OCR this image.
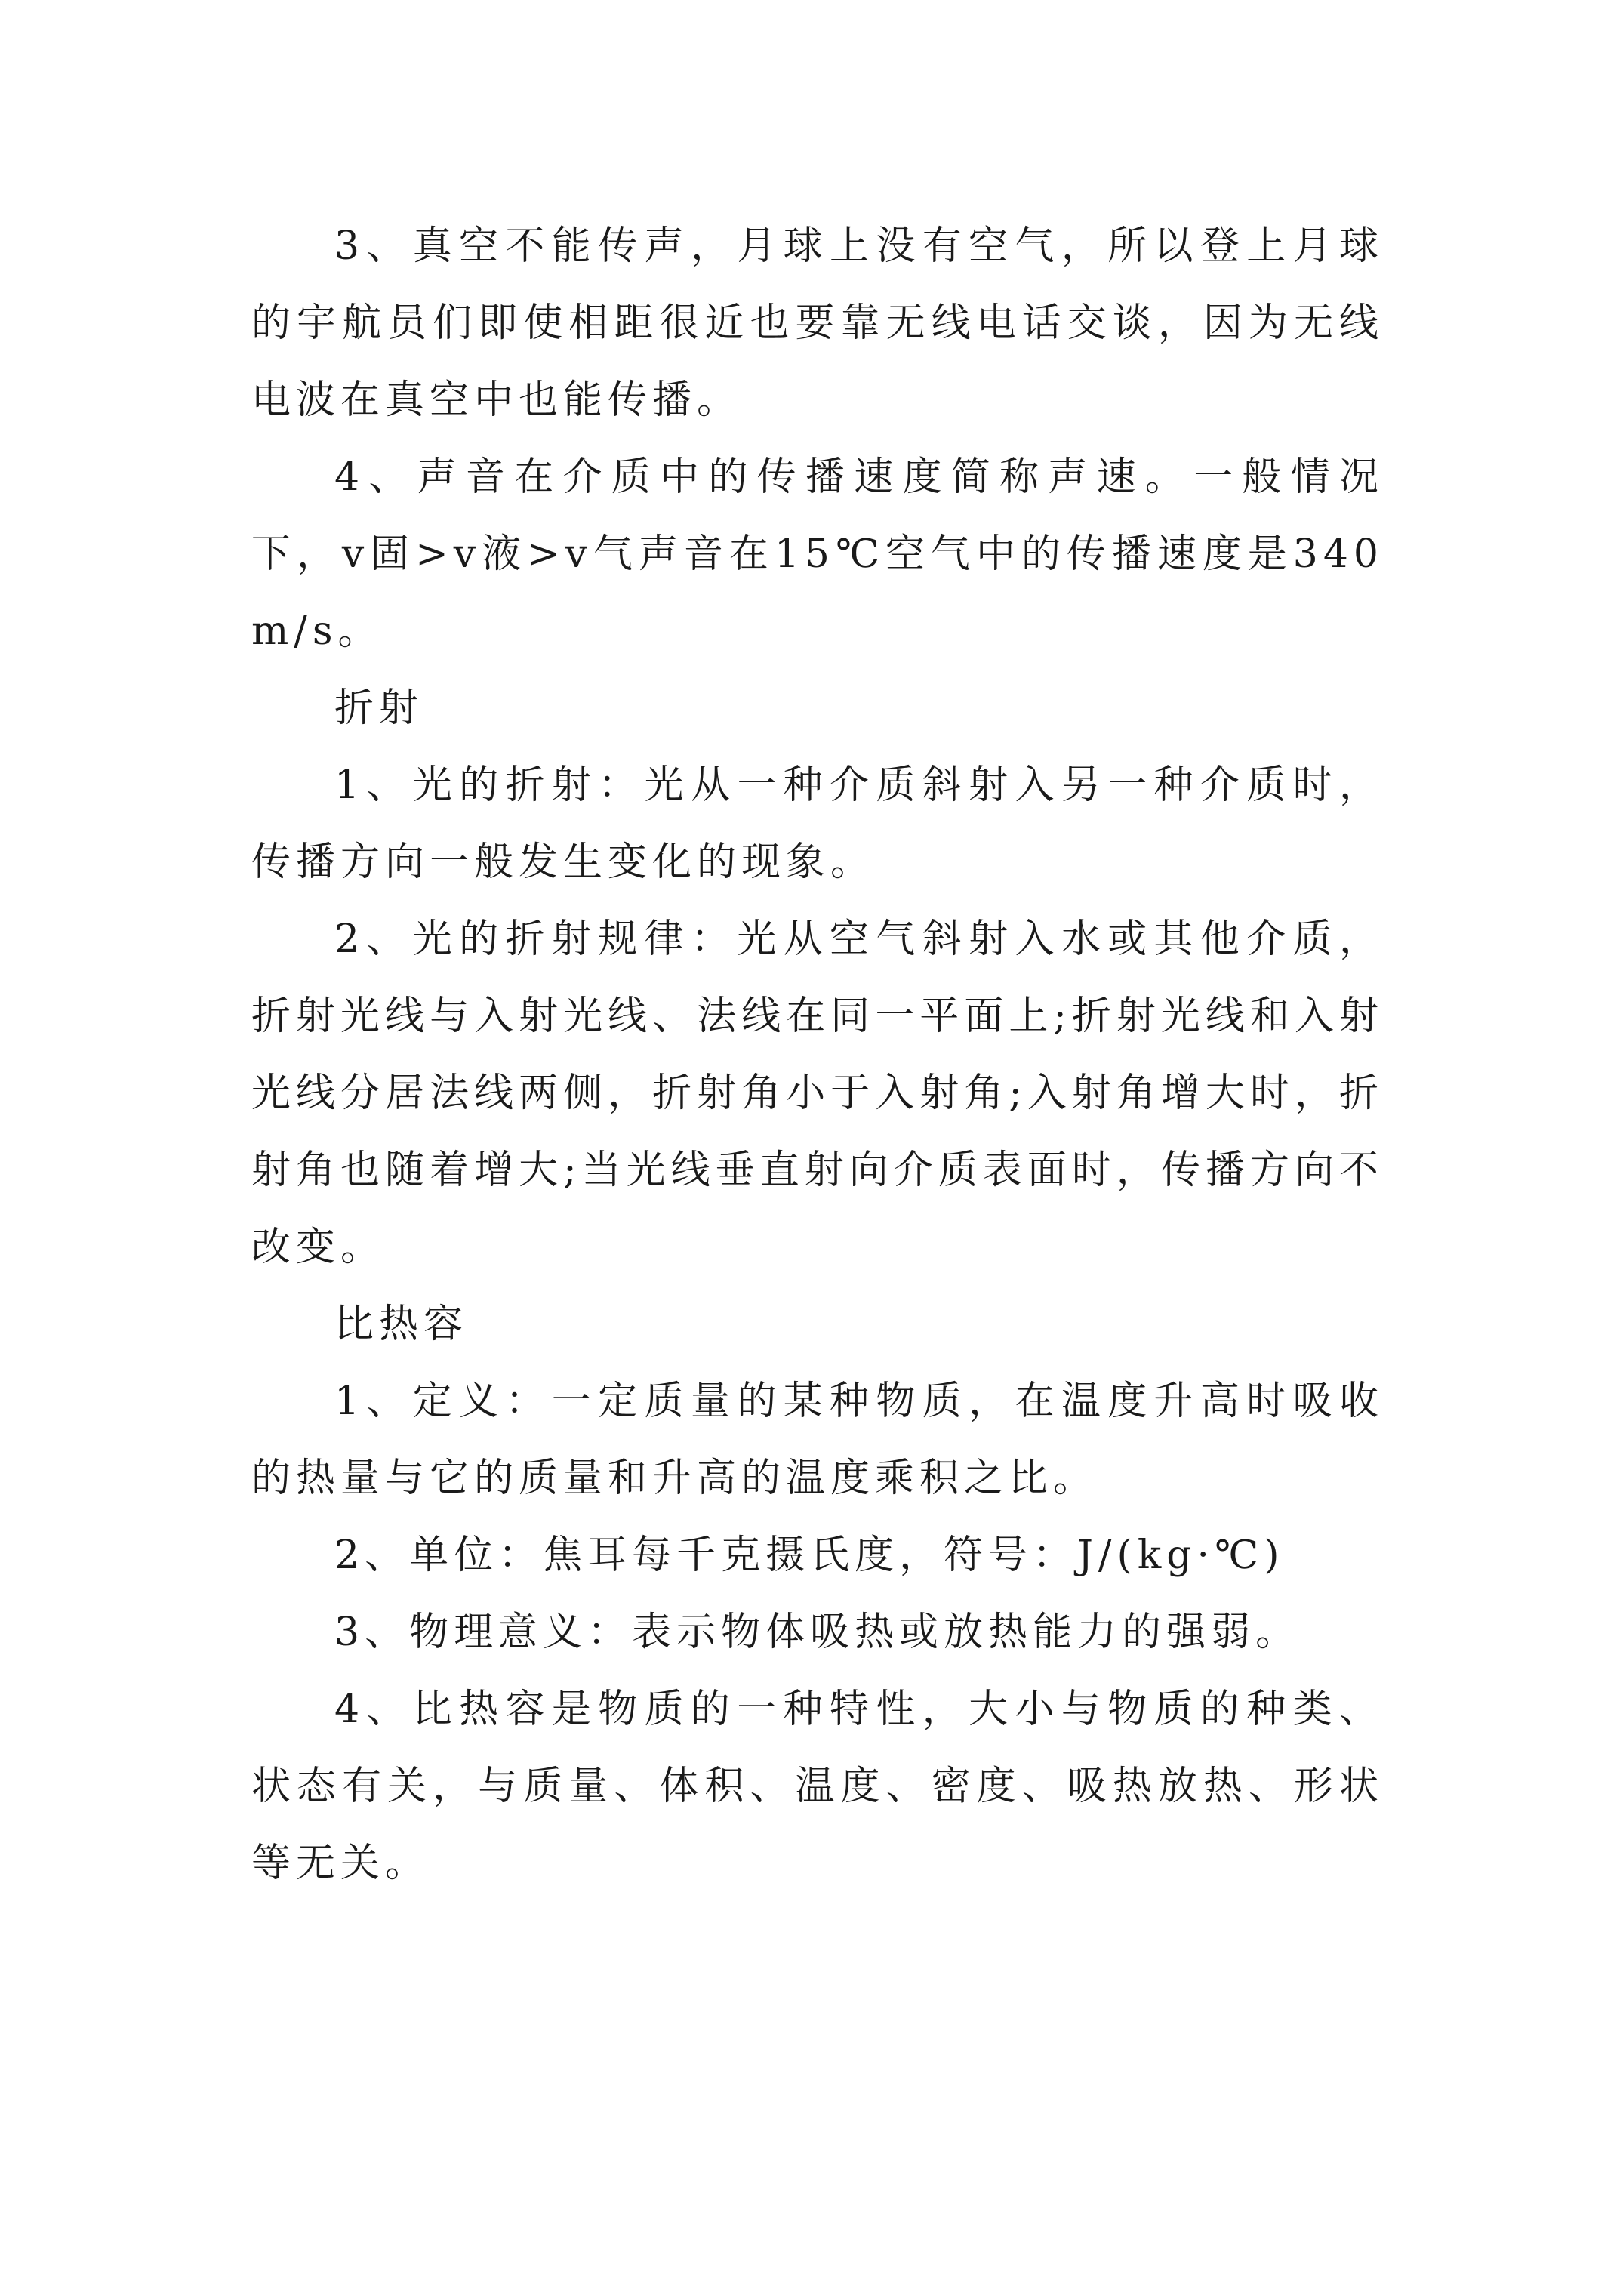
3、真空不能传声，月球上没有空气，所以登上月球的宇航员们即使相距很近也要靠无线电话交谈，因为无线电波在真空中也能传播。

4、声音在介质中的传播速度简称声速。一般情况下，v固>v液>v气声音在15℃空气中的传播速度是340m/s。

折射

1、光的折射：光从一种介质斜射入另一种介质时，传播方向一般发生变化的现象。

2、光的折射规律：光从空气斜射入水或其他介质，折射光线与入射光线、法线在同一平面上;折射光线和入射光线分居法线两侧，折射角小于入射角;入射角增大时，折射角也随着增大;当光线垂直射向介质表面时，传播方向不改变。

比热容

1、定义：一定质量的某种物质，在温度升高时吸收的热量与它的质量和升高的温度乘积之比。

2、单位：焦耳每千克摄氏度，符号：J/(kg·℃)

3、物理意义：表示物体吸热或放热能力的强弱。

4、比热容是物质的一种特性，大小与物质的种类、状态有关，与质量、体积、温度、密度、吸热放热、形状等无关。
